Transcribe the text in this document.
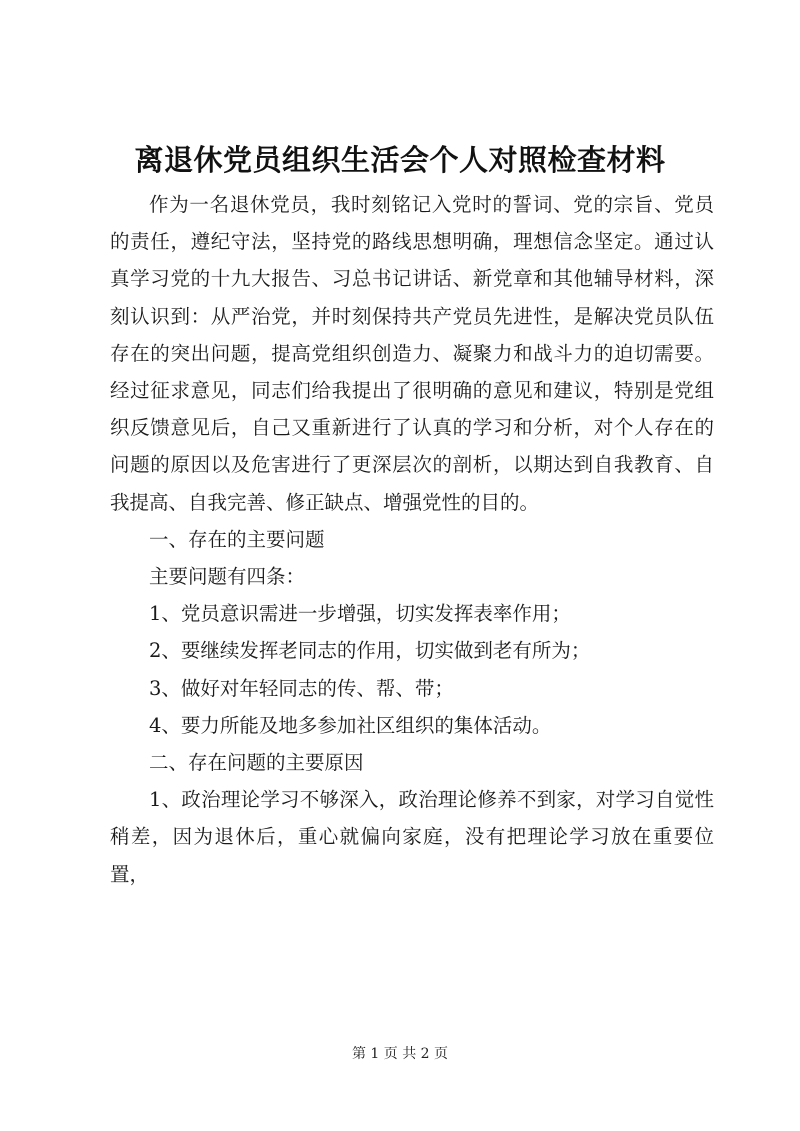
离退休党员组织生活会个人对照检查材料

作为一名退休党员，我时刻铭记入党时的誓词、党的宗旨、党员的责任，遵纪守法，坚持党的路线思想明确，理想信念坚定。通过认真学习党的十九大报告、习总书记讲话、新党章和其他辅导材料，深刻认识到：从严治党，并时刻保持共产党员先进性，是解决党员队伍存在的突出问题，提高党组织创造力、凝聚力和战斗力的迫切需要。经过征求意见，同志们给我提出了很明确的意见和建议，特别是党组织反馈意见后，自己又重新进行了认真的学习和分析，对个人存在的问题的原因以及危害进行了更深层次的剖析，以期达到自我教育、自我提高、自我完善、修正缺点、增强党性的目的。

一、存在的主要问题

主要问题有四条：

1、党员意识需进一步增强，切实发挥表率作用；

2、要继续发挥老同志的作用，切实做到老有所为；

3、做好对年轻同志的传、帮、带；

4、要力所能及地多参加社区组织的集体活动。

二、存在问题的主要原因

1、政治理论学习不够深入，政治理论修养不到家，对学习自觉性稍差，因为退休后，重心就偏向家庭，没有把理论学习放在重要位置，

第 1 页 共 2 页
